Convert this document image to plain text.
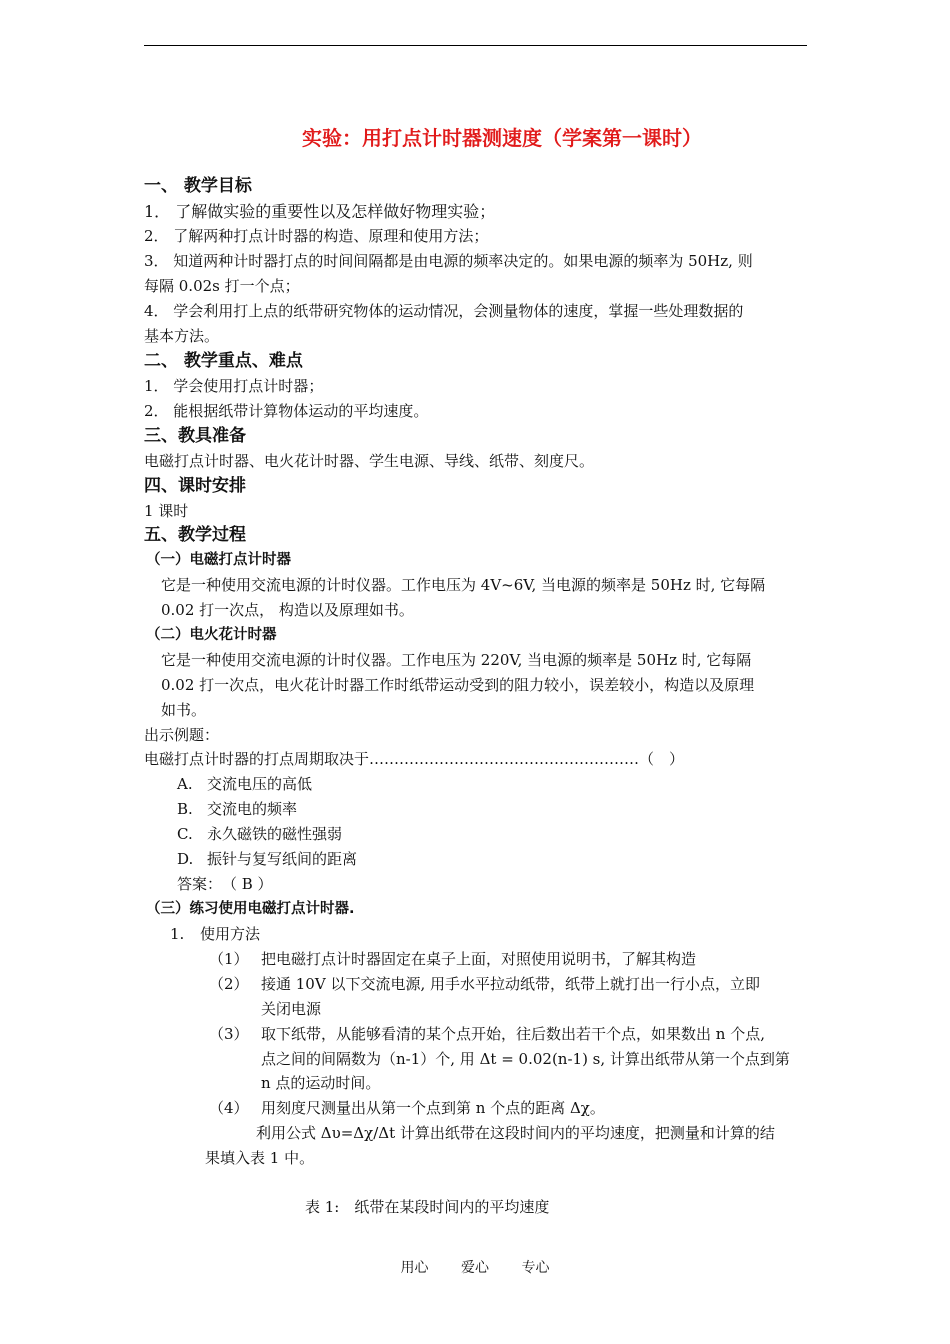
实验：用打点计时器测速度（学案第一课时）
一、 教学目标
1． 了解做实验的重要性以及怎样做好物理实验；
2． 了解两种打点计时器的构造、原理和使用方法；
3． 知道两种计时器打点的时间间隔都是由电源的频率决定的。如果电源的频率为 50Hz, 则
每隔 0.02s 打一个点；
4． 学会利用打上点的纸带研究物体的运动情况，会测量物体的速度，掌握一些处理数据的
基本方法。
二、 教学重点、难点
1． 学会使用打点计时器；
2． 能根据纸带计算物体运动的平均速度。
三、教具准备
电磁打点计时器、电火花计时器、学生电源、导线、纸带、刻度尺。
四、课时安排
1 课时
五、教学过程
（一）电磁打点计时器
它是一种使用交流电源的计时仪器。工作电压为 4V~6V, 当电源的频率是 50Hz 时, 它每隔
0.02 打一次点， 构造以及原理如书。
（二）电火花计时器
它是一种使用交流电源的计时仪器。工作电压为 220V, 当电源的频率是 50Hz 时, 它每隔
0.02 打一次点，电火花计时器工作时纸带运动受到的阻力较小，误差较小，构造以及原理
如书。
出示例题：
电磁打点计时器的打点周期取决于………………………………………………（　）
A. 交流电压的高低
B. 交流电的频率
C. 永久磁铁的磁性强弱
D. 振针与复写纸间的距离
答案：　（ B ）
（三）练习使用电磁打点计时器.
1. 使用方法
（1） 把电磁打点计时器固定在桌子上面，对照使用说明书，了解其构造
（2） 接通 10V 以下交流电源, 用手水平拉动纸带，纸带上就打出一行小点，立即
关闭电源
（3） 取下纸带，从能够看清的某个点开始，往后数出若干个点，如果数出 n 个点,
点之间的间隔数为（n-1）个, 用 Δt = 0.02(n-1) s, 计算出纸带从第一个点到第
n 点的运动时间。
（4） 用刻度尺测量出从第一个点到第 n 个点的距离 Δχ。
利用公式 Δυ=Δχ/Δt 计算出纸带在这段时间内的平均速度，把测量和计算的结
果填入表 1 中。
表 1:　纸带在某段时间内的平均速度
用心 爱心 专心
